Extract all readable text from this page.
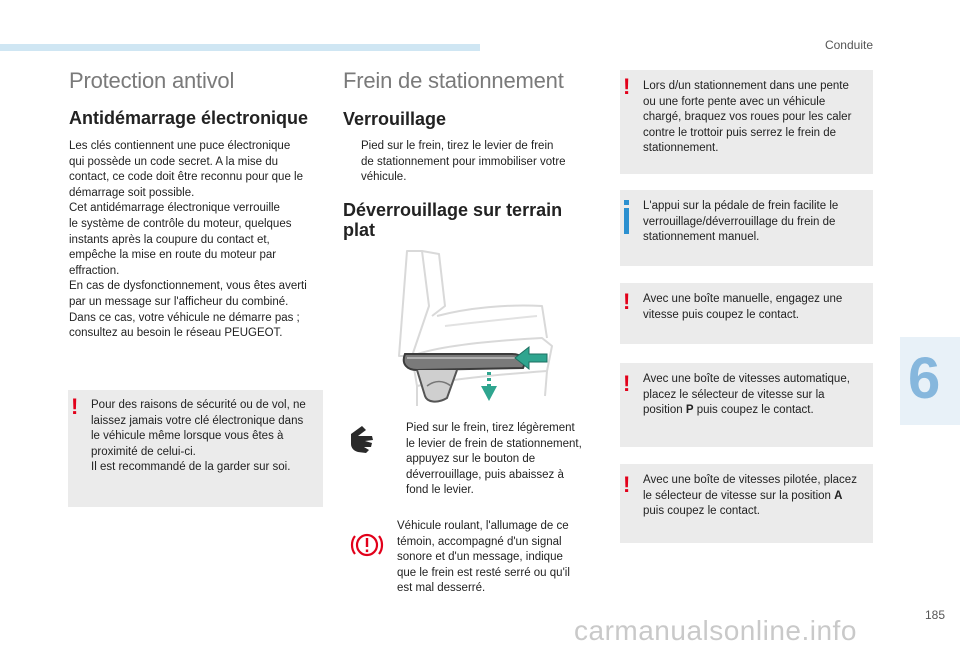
Conduite
Protection antivol
Antidémarrage électronique

Les clés contiennent une puce électronique
qui possède un code secret. A la mise du
contact, ce code doit être reconnu pour que le
démarrage soit possible.
Cet antidémarrage électronique verrouille
le système de contrôle du moteur, quelques
instants après la coupure du contact et,
empêche la mise en route du moteur par
effraction.
En cas de dysfonctionnement, vous êtes averti
par un message sur l'afficheur du combiné.
Dans ce cas, votre véhicule ne démarre pas ;
consultez au besoin le réseau PEUGEOT.

! Pour des raisons de sécurité ou de vol, ne
laissez jamais votre clé électronique dans
le véhicule même lorsque vous êtes à
proximité de celui-ci.
Il est recommandé de la garder sur soi.
Frein de stationnement
Verrouillage

Pied sur le frein, tirez le levier de frein
de stationnement pour immobiliser votre
véhicule.

Déverrouillage sur terrain
plat

Pied sur le frein, tirez légèrement
le levier de frein de stationnement,
appuyez sur le bouton de
déverrouillage, puis abaissez à
fond le levier.

Véhicule roulant, l'allumage de ce
témoin, accompagné d'un signal
sonore et d'un message, indique
que le frein est resté serré ou qu'il
est mal desserré.

! Lors d/un stationnement dans une pente
ou une forte pente avec un véhicule
chargé, braquez vos roues pour les caler
contre le trottoir puis serrez le frein de
stationnement.
L'appui sur la pédale de frein facilite le
verrouillage/déverrouillage du frein de
stationnement manuel.
! Avec une boîte manuelle, engagez une
vitesse puis coupez le contact.
! Avec une boîte de vitesses automatique,
placez le sélecteur de vitesse sur la
position P puis coupez le contact.
! Avec une boîte de vitesses pilotée, placez
le sélecteur de vitesse sur la position A
puis coupez le contact.
6
185
carmanualsonline.info
